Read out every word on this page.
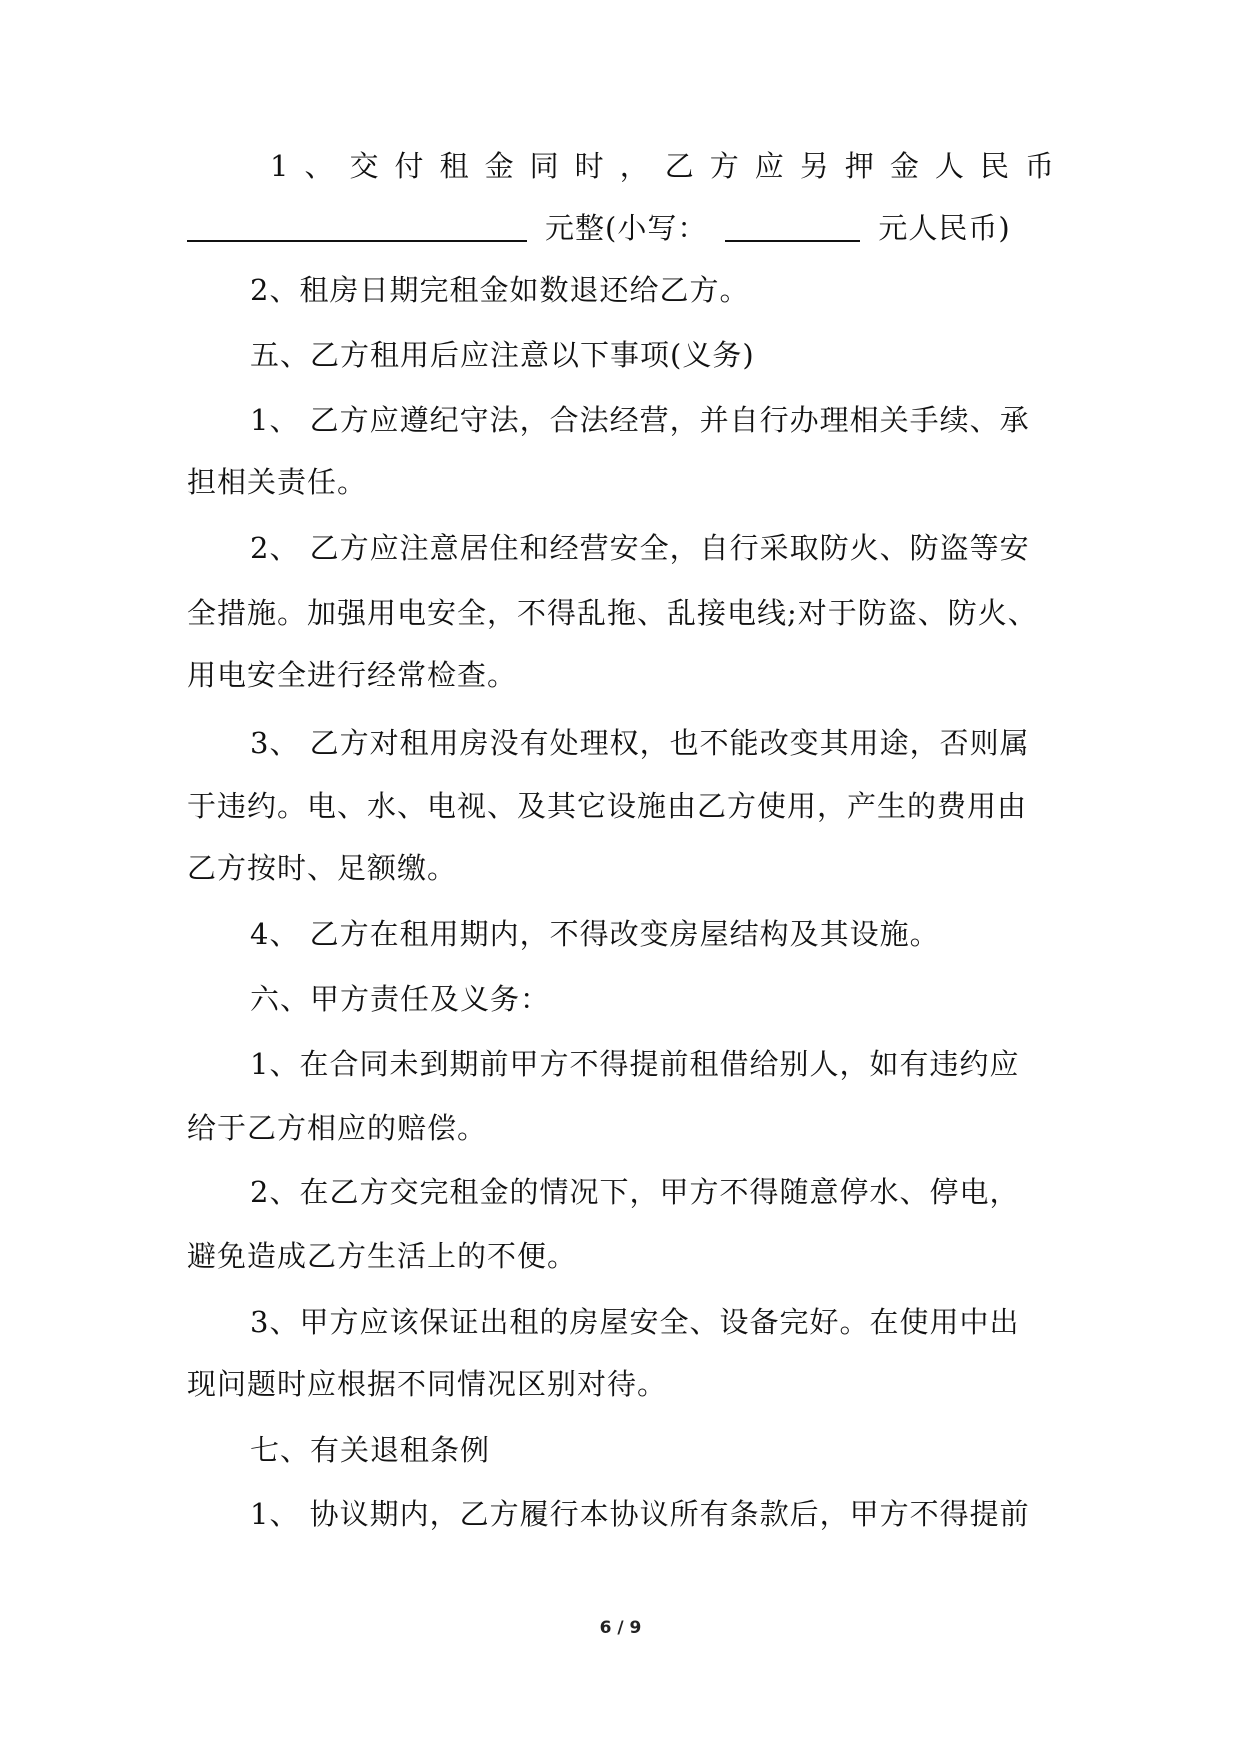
1 、 交 付 租 金 同 时 ， 乙 方 应 另 押 金 人 民 币
元整(小写：	元人民币)
2、租房日期完租金如数退还给乙方。
五、乙方租用后应注意以下事项(义务)
1、 乙方应遵纪守法，合法经营，并自行办理相关手续、承
担相关责任。
2、 乙方应注意居住和经营安全，自行采取防火、防盗等安
全措施。加强用电安全，不得乱拖、乱接电线;对于防盗、防火、
用电安全进行经常检查。
3、 乙方对租用房没有处理权，也不能改变其用途，否则属
于违约。电、水、电视、及其它设施由乙方使用，产生的费用由
乙方按时、足额缴。
4、 乙方在租用期内，不得改变房屋结构及其设施。
六、甲方责任及义务：
1、在合同未到期前甲方不得提前租借给别人，如有违约应
给于乙方相应的赔偿。
2、在乙方交完租金的情况下，甲方不得随意停水、停电，
避免造成乙方生活上的不便。
3、甲方应该保证出租的房屋安全、设备完好。在使用中出
现问题时应根据不同情况区别对待。
七、有关退租条例
1、 协议期内，乙方履行本协议所有条款后，甲方不得提前
6 / 9
